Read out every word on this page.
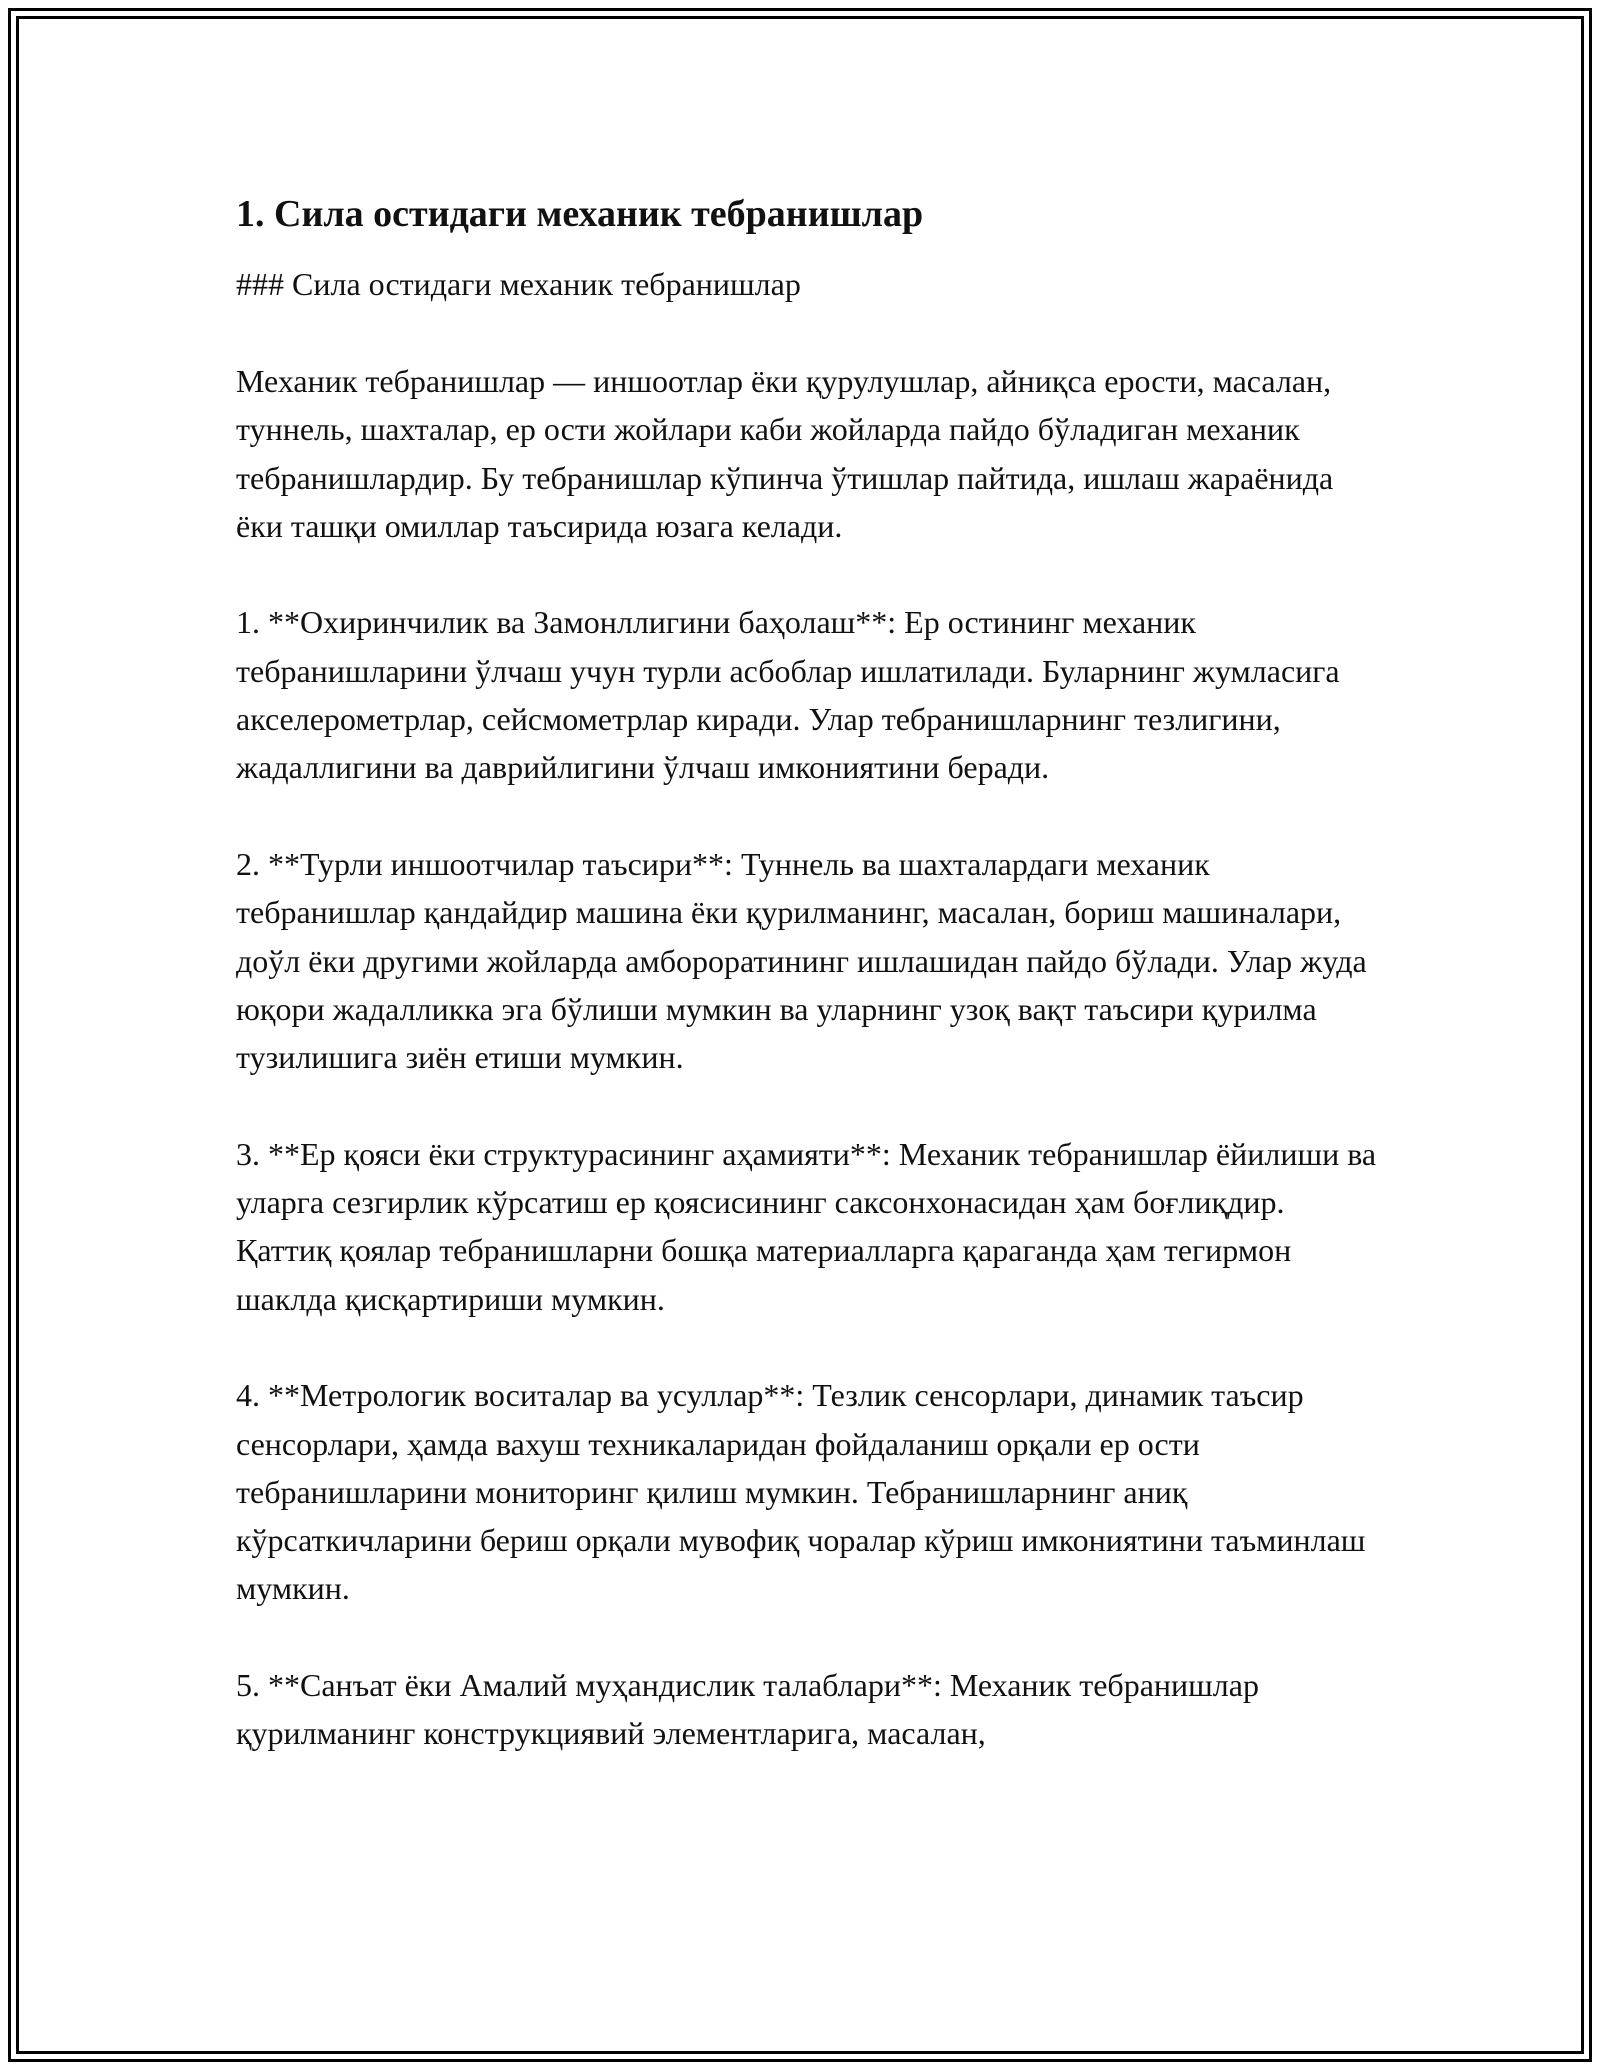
1. Сила остидаги механик тебранишлар

### Сила остидаги механик тебранишлар

Механик тебранишлар — иншоотлар ёки қурулушлар, айниқса еpости, масалан, туннель, шахталар, ер ости жойлари каби жойларда пайдо бўладиган механик тебранишлардир. Бу тебранишлар кўпинча ўтишлар пайтида, ишлаш жараёнида ёки ташқи омиллар таъсирида юзага келади.

1. **Охиринчилик ва Замонллигини баҳолаш**: Ер остининг механик тебранишларини ўлчаш учун турли асбоблар ишлатилади. Буларнинг жумласига акселерометрлар, сейсмометрлар киради. Улар тебранишларнинг тезлигини, жадаллигини ва даврийлигини ўлчаш имкониятини беради.

2. **Турли иншоотчилар таъсири**: Туннель ва шахталардаги механик тебранишлар қандайдир машина ёки қурилманинг, масалан, бориш машиналари, доўл ёки другими жойларда амборoратининг ишлашидан пайдо бўлади. Улар жуда юқори жадалликка эга бўлиши мумкин ва уларнинг узоқ вақт таъсири қурилма тузилишига зиён етиши мумкин.

3. **Ер қояси ёки структурасининг аҳамияти**: Механик тебранишлар ёйилиши ва уларга сезгирлик кўрсатиш ер қоясисининг саксонхонасидан ҳам боғлиқдир. Қаттиқ қоялар тебранишларни бошқа материалларга қараганда ҳам тегирмон шаклда қисқартириши мумкин.

4. **Метрологик воситалар ва усуллар**: Тезлик сенсорлари, динамик таъсир сенсорлари, ҳамда вахуш техникаларидан фойдаланиш орқали ер ости тебранишларини мониторинг қилиш мумкин. Тебранишларнинг аниқ кўрсаткичларини бериш орқали мувофиқ чоралар кўриш имкониятини таъминлаш мумкин.

5. **Санъат ёки Амалий муҳандислик талаблари**: Механик тебранишлар қурилманинг конструкциявий элементларига, масалан,
